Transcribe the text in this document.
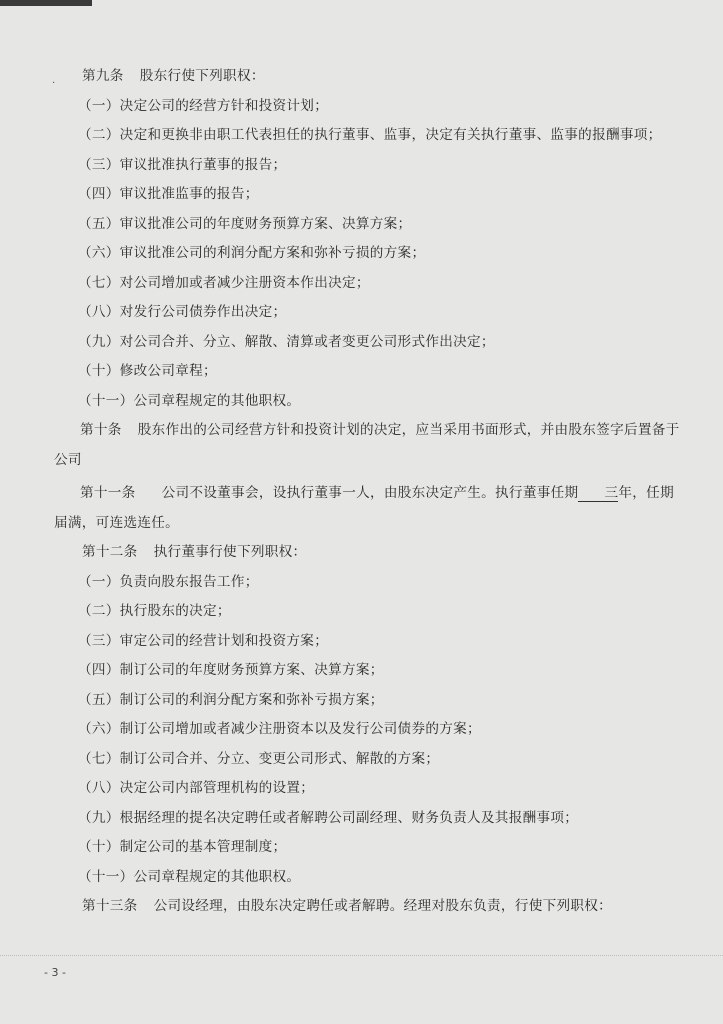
·	第九条 股东行使下列职权：
（一）决定公司的经营方针和投资计划；
（二）决定和更换非由职工代表担任的执行董事、监事，决定有关执行董事、监事的报酬事项；
（三）审议批准执行董事的报告；
（四）审议批准监事的报告；
（五）审议批准公司的年度财务预算方案、决算方案；
（六）审议批准公司的利润分配方案和弥补亏损的方案；
（七）对公司增加或者减少注册资本作出决定；
（八）对发行公司债券作出决定；
（九）对公司合并、分立、解散、清算或者变更公司形式作出决定；
（十）修改公司章程；
（十一）公司章程规定的其他职权。
第十条 股东作出的公司经营方针和投资计划的决定，应当采用书面形式，并由股东签字后置备于公司
第十一条 公司不设董事会，设执行董事一人，由股东决定产生。执行董事任期 三年，任期届满，可连选连任。
第十二条 执行董事行使下列职权：
（一）负责向股东报告工作；
（二）执行股东的决定；
（三）审定公司的经营计划和投资方案；
（四）制订公司的年度财务预算方案、决算方案；
（五）制订公司的利润分配方案和弥补亏损方案；
（六）制订公司增加或者减少注册资本以及发行公司债券的方案；
（七）制订公司合并、分立、变更公司形式、解散的方案；
（八）决定公司内部管理机构的设置；
（九）根据经理的提名决定聘任或者解聘公司副经理、财务负责人及其报酬事项；
（十）制定公司的基本管理制度；
（十一）公司章程规定的其他职权。
第十三条 公司设经理，由股东决定聘任或者解聘。经理对股东负责，行使下列职权：
- 3 -
